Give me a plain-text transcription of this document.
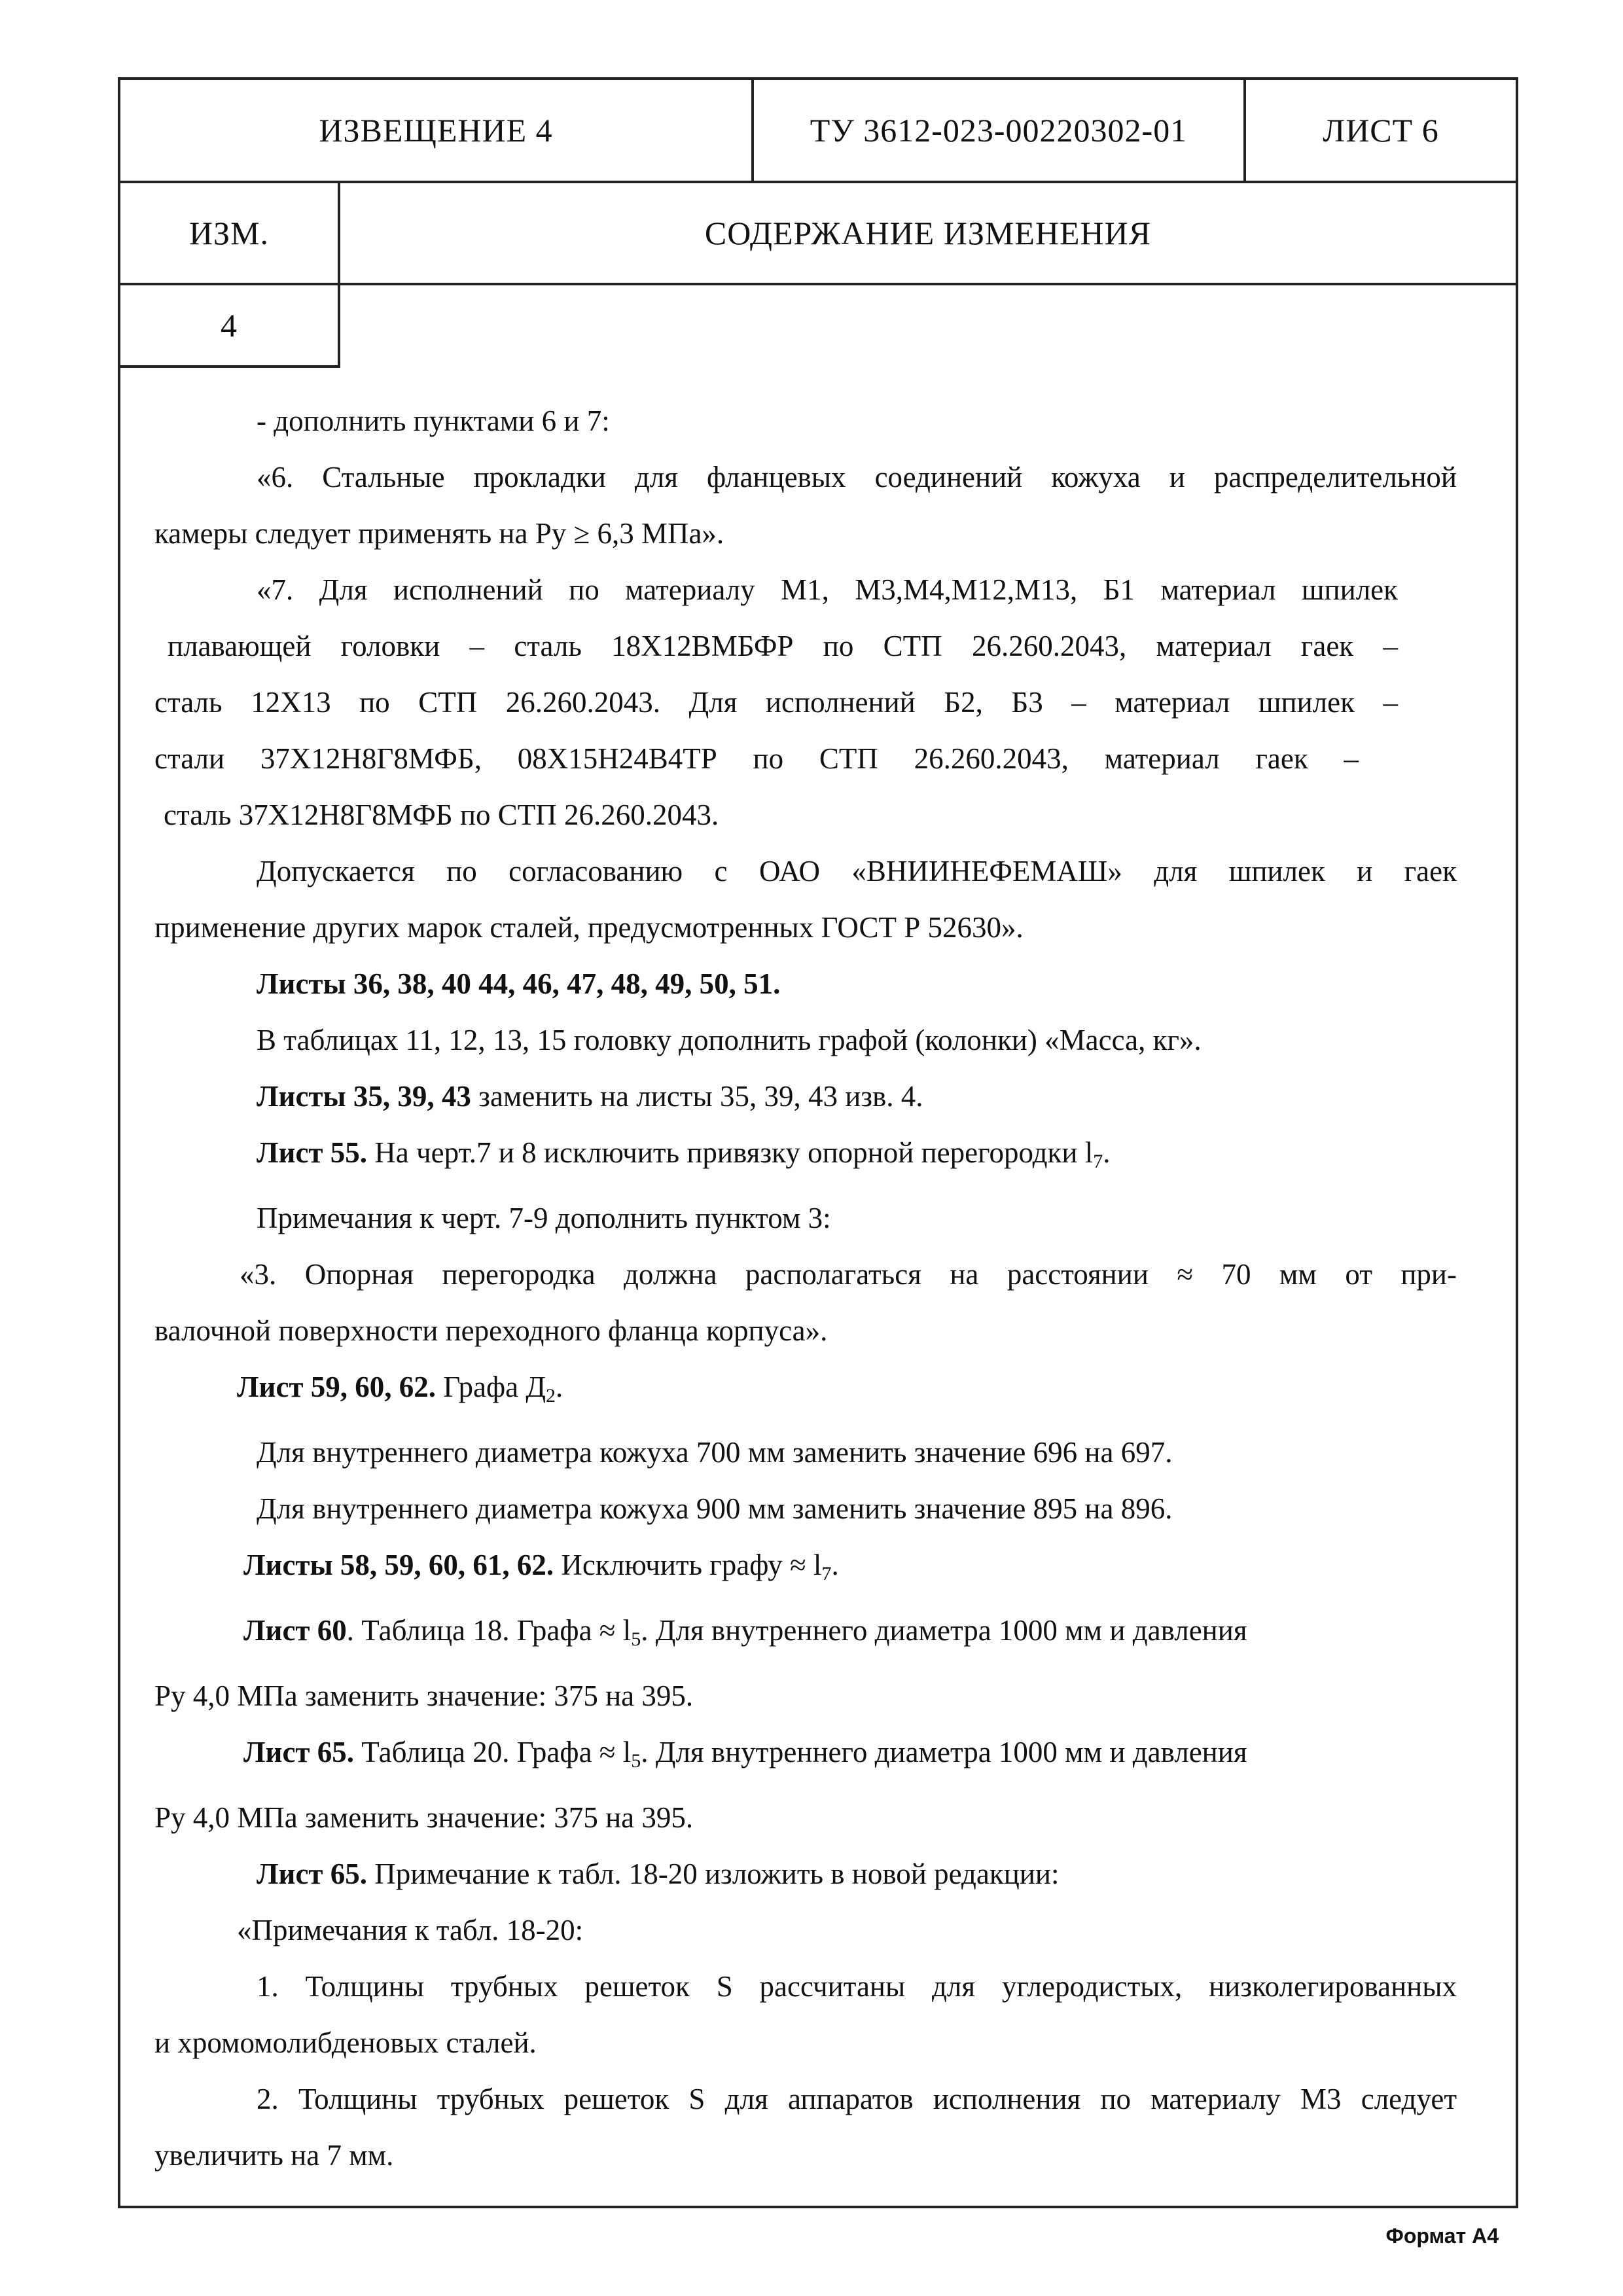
ИЗВЕЩЕНИЕ 4	ТУ 3612-023-00220302-01	ЛИСТ 6
ИЗМ.	СОДЕРЖАНИЕ ИЗМЕНЕНИЯ
4

- дополнить пунктами 6 и 7:

«6. Стальные прокладки для фланцевых соединений кожуха и распределительной

камеры следует применять на Ру ≥ 6,3 МПа».

«7. Для исполнений по материалу М1, М3,М4,М12,М13, Б1 материал шпилек

плавающей головки – сталь 18Х12ВМБФР по СТП 26.260.2043, материал гаек –

сталь 12Х13 по СТП 26.260.2043. Для исполнений Б2, Б3 – материал шпилек –

стали 37Х12Н8Г8МФБ, 08Х15Н24В4ТР по СТП 26.260.2043, материал гаек –

сталь 37Х12Н8Г8МФБ по СТП 26.260.2043.

Допускается по согласованию с ОАО «ВНИИНЕФЕМАШ» для шпилек и гаек

применение других марок сталей, предусмотренных ГОСТ Р 52630».

Листы 36, 38, 40 44, 46, 47, 48, 49, 50, 51.

В таблицах 11, 12, 13, 15 головку дополнить графой (колонки) «Масса, кг».

Листы 35, 39, 43 заменить на листы 35, 39, 43 изв. 4.

Лист 55. На черт.7 и 8 исключить привязку опорной перегородки $l_7$.

Примечания к черт. 7-9 дополнить пунктом 3:

«3. Опорная перегородка должна располагаться на расстоянии ≈ 70 мм от при-

валочной поверхности переходного фланца корпуса».

Лист 59, 60, 62. Графа $Д_2$.

Для внутреннего диаметра кожуха 700 мм заменить значение 696 на 697.

Для внутреннего диаметра кожуха 900 мм заменить значение 895 на 896.

Листы 58, 59, 60, 61, 62. Исключить графу ≈ $l_7$.

Лист 60. Таблица 18. Графа ≈ $l_5$. Для внутреннего диаметра 1000 мм и давления

Ру 4,0 МПа заменить значение: 375 на 395.

Лист 65. Таблица 20. Графа ≈ $l_5$. Для внутреннего диаметра 1000 мм и давления

Ру 4,0 МПа заменить значение: 375 на 395.

Лист 65. Примечание к табл. 18-20 изложить в новой редакции:

«Примечания к табл. 18-20:

1. Толщины трубных решеток S рассчитаны для углеродистых, низколегированных

и хромомолибденовых сталей.

2. Толщины трубных решеток S для аппаратов исполнения по материалу М3 следует

увеличить на 7 мм.

Формат А4
